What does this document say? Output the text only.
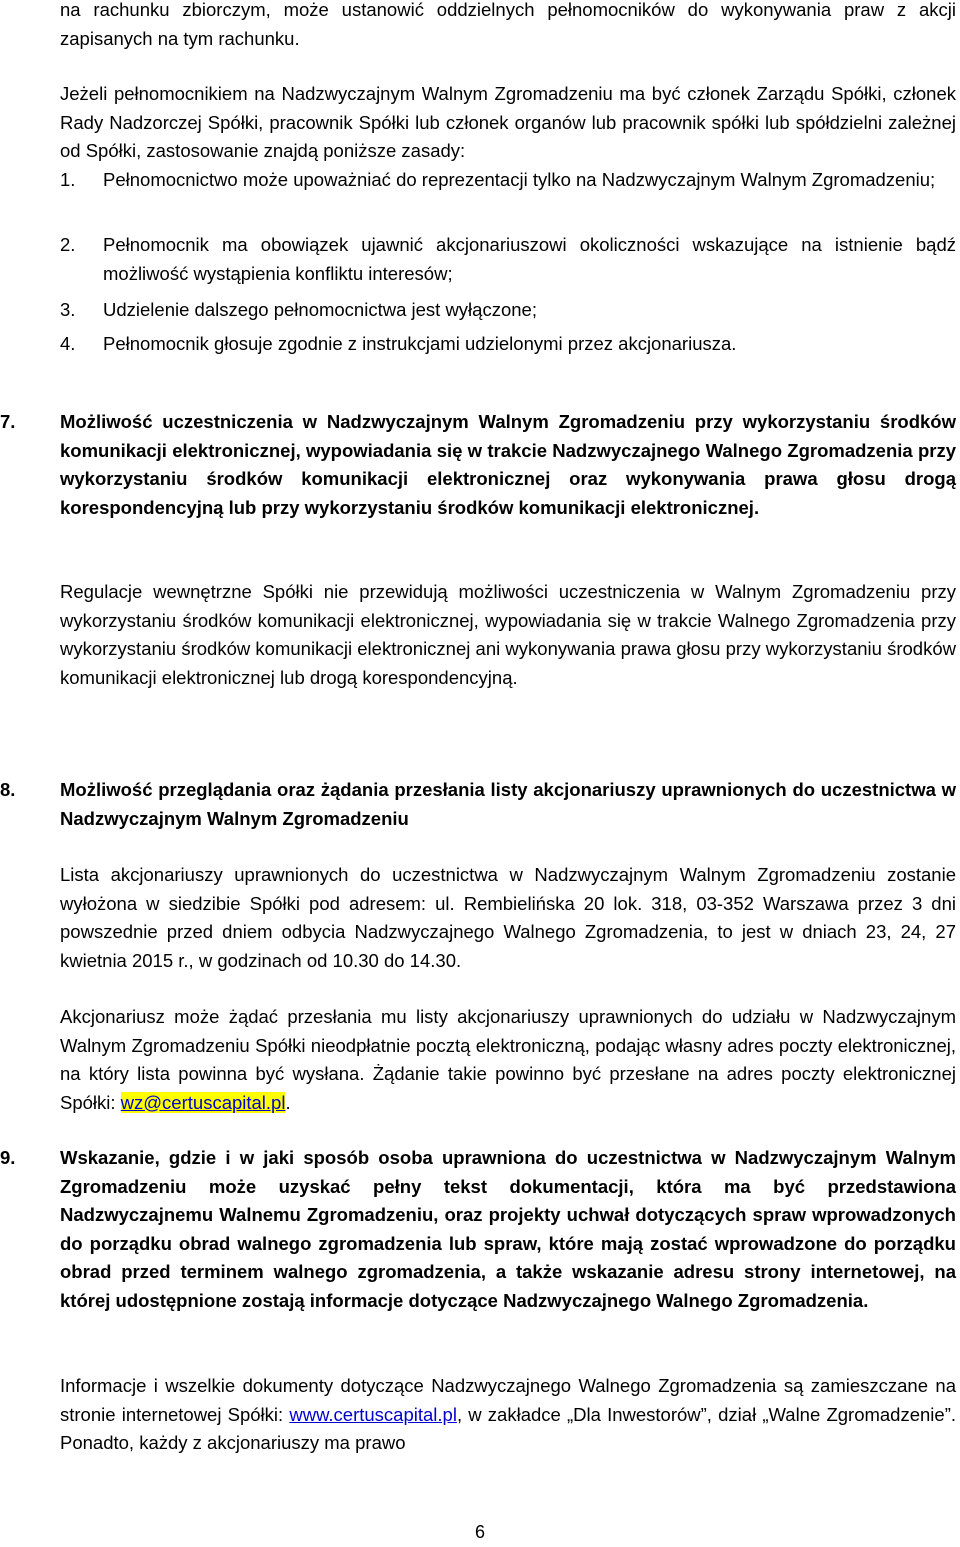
na rachunku zbiorczym, może ustanowić oddzielnych pełnomocników do wykonywania praw z akcji zapisanych na tym rachunku.

Jeżeli pełnomocnikiem na Nadzwyczajnym Walnym Zgromadzeniu ma być członek Zarządu Spółki, członek Rady Nadzorczej Spółki, pracownik Spółki lub członek organów lub pracownik spółki lub spółdzielni zależnej od Spółki, zastosowanie znajdą poniższe zasady:

1. Pełnomocnictwo może upoważniać do reprezentacji tylko na Nadzwyczajnym Walnym Zgromadzeniu;
2. Pełnomocnik ma obowiązek ujawnić akcjonariuszowi okoliczności wskazujące na istnienie bądź możliwość wystąpienia konfliktu interesów;
3. Udzielenie dalszego pełnomocnictwa jest wyłączone;
4. Pełnomocnik głosuje zgodnie z instrukcjami udzielonymi przez akcjonariusza.
7. Możliwość uczestniczenia w Nadzwyczajnym Walnym Zgromadzeniu przy wykorzystaniu środków komunikacji elektronicznej, wypowiadania się w trakcie Nadzwyczajnego Walnego Zgromadzenia przy wykorzystaniu środków komunikacji elektronicznej oraz wykonywania prawa głosu drogą korespondencyjną lub przy wykorzystaniu środków komunikacji elektronicznej.

Regulacje wewnętrzne Spółki nie przewidują możliwości uczestniczenia w Walnym Zgromadzeniu przy wykorzystaniu środków komunikacji elektronicznej, wypowiadania się w trakcie Walnego Zgromadzenia przy wykorzystaniu środków komunikacji elektronicznej ani wykonywania prawa głosu przy wykorzystaniu środków komunikacji elektronicznej lub drogą korespondencyjną.

8. Możliwość przeglądania oraz żądania przesłania listy akcjonariuszy uprawnionych do uczestnictwa w Nadzwyczajnym Walnym Zgromadzeniu

Lista akcjonariuszy uprawnionych do uczestnictwa w Nadzwyczajnym Walnym Zgromadzeniu zostanie wyłożona w siedzibie Spółki pod adresem: ul. Rembielińska 20 lok. 318, 03-352 Warszawa przez 3 dni powszednie przed dniem odbycia Nadzwyczajnego Walnego Zgromadzenia, to jest w dniach 23, 24, 27 kwietnia 2015 r., w godzinach od 10.30 do 14.30.

Akcjonariusz może żądać przesłania mu listy akcjonariuszy uprawnionych do udziału w Nadzwyczajnym Walnym Zgromadzeniu Spółki nieodpłatnie pocztą elektroniczną, podając własny adres poczty elektronicznej, na który lista powinna być wysłana. Żądanie takie powinno być przesłane na adres poczty elektronicznej Spółki: wz@certuscapital.pl.

9. Wskazanie, gdzie i w jaki sposób osoba uprawniona do uczestnictwa w Nadzwyczajnym Walnym Zgromadzeniu może uzyskać pełny tekst dokumentacji, która ma być przedstawiona Nadzwyczajnemu Walnemu Zgromadzeniu, oraz projekty uchwał dotyczących spraw wprowadzonych do porządku obrad walnego zgromadzenia lub spraw, które mają zostać wprowadzone do porządku obrad przed terminem walnego zgromadzenia, a także wskazanie adresu strony internetowej, na której udostępnione zostają informacje dotyczące Nadzwyczajnego Walnego Zgromadzenia.

Informacje i wszelkie dokumenty dotyczące Nadzwyczajnego Walnego Zgromadzenia są zamieszczane na stronie internetowej Spółki: www.certuscapital.pl, w zakładce „Dla Inwestorów”, dział „Walne Zgromadzenie”. Ponadto, każdy z akcjonariuszy ma prawo

6
